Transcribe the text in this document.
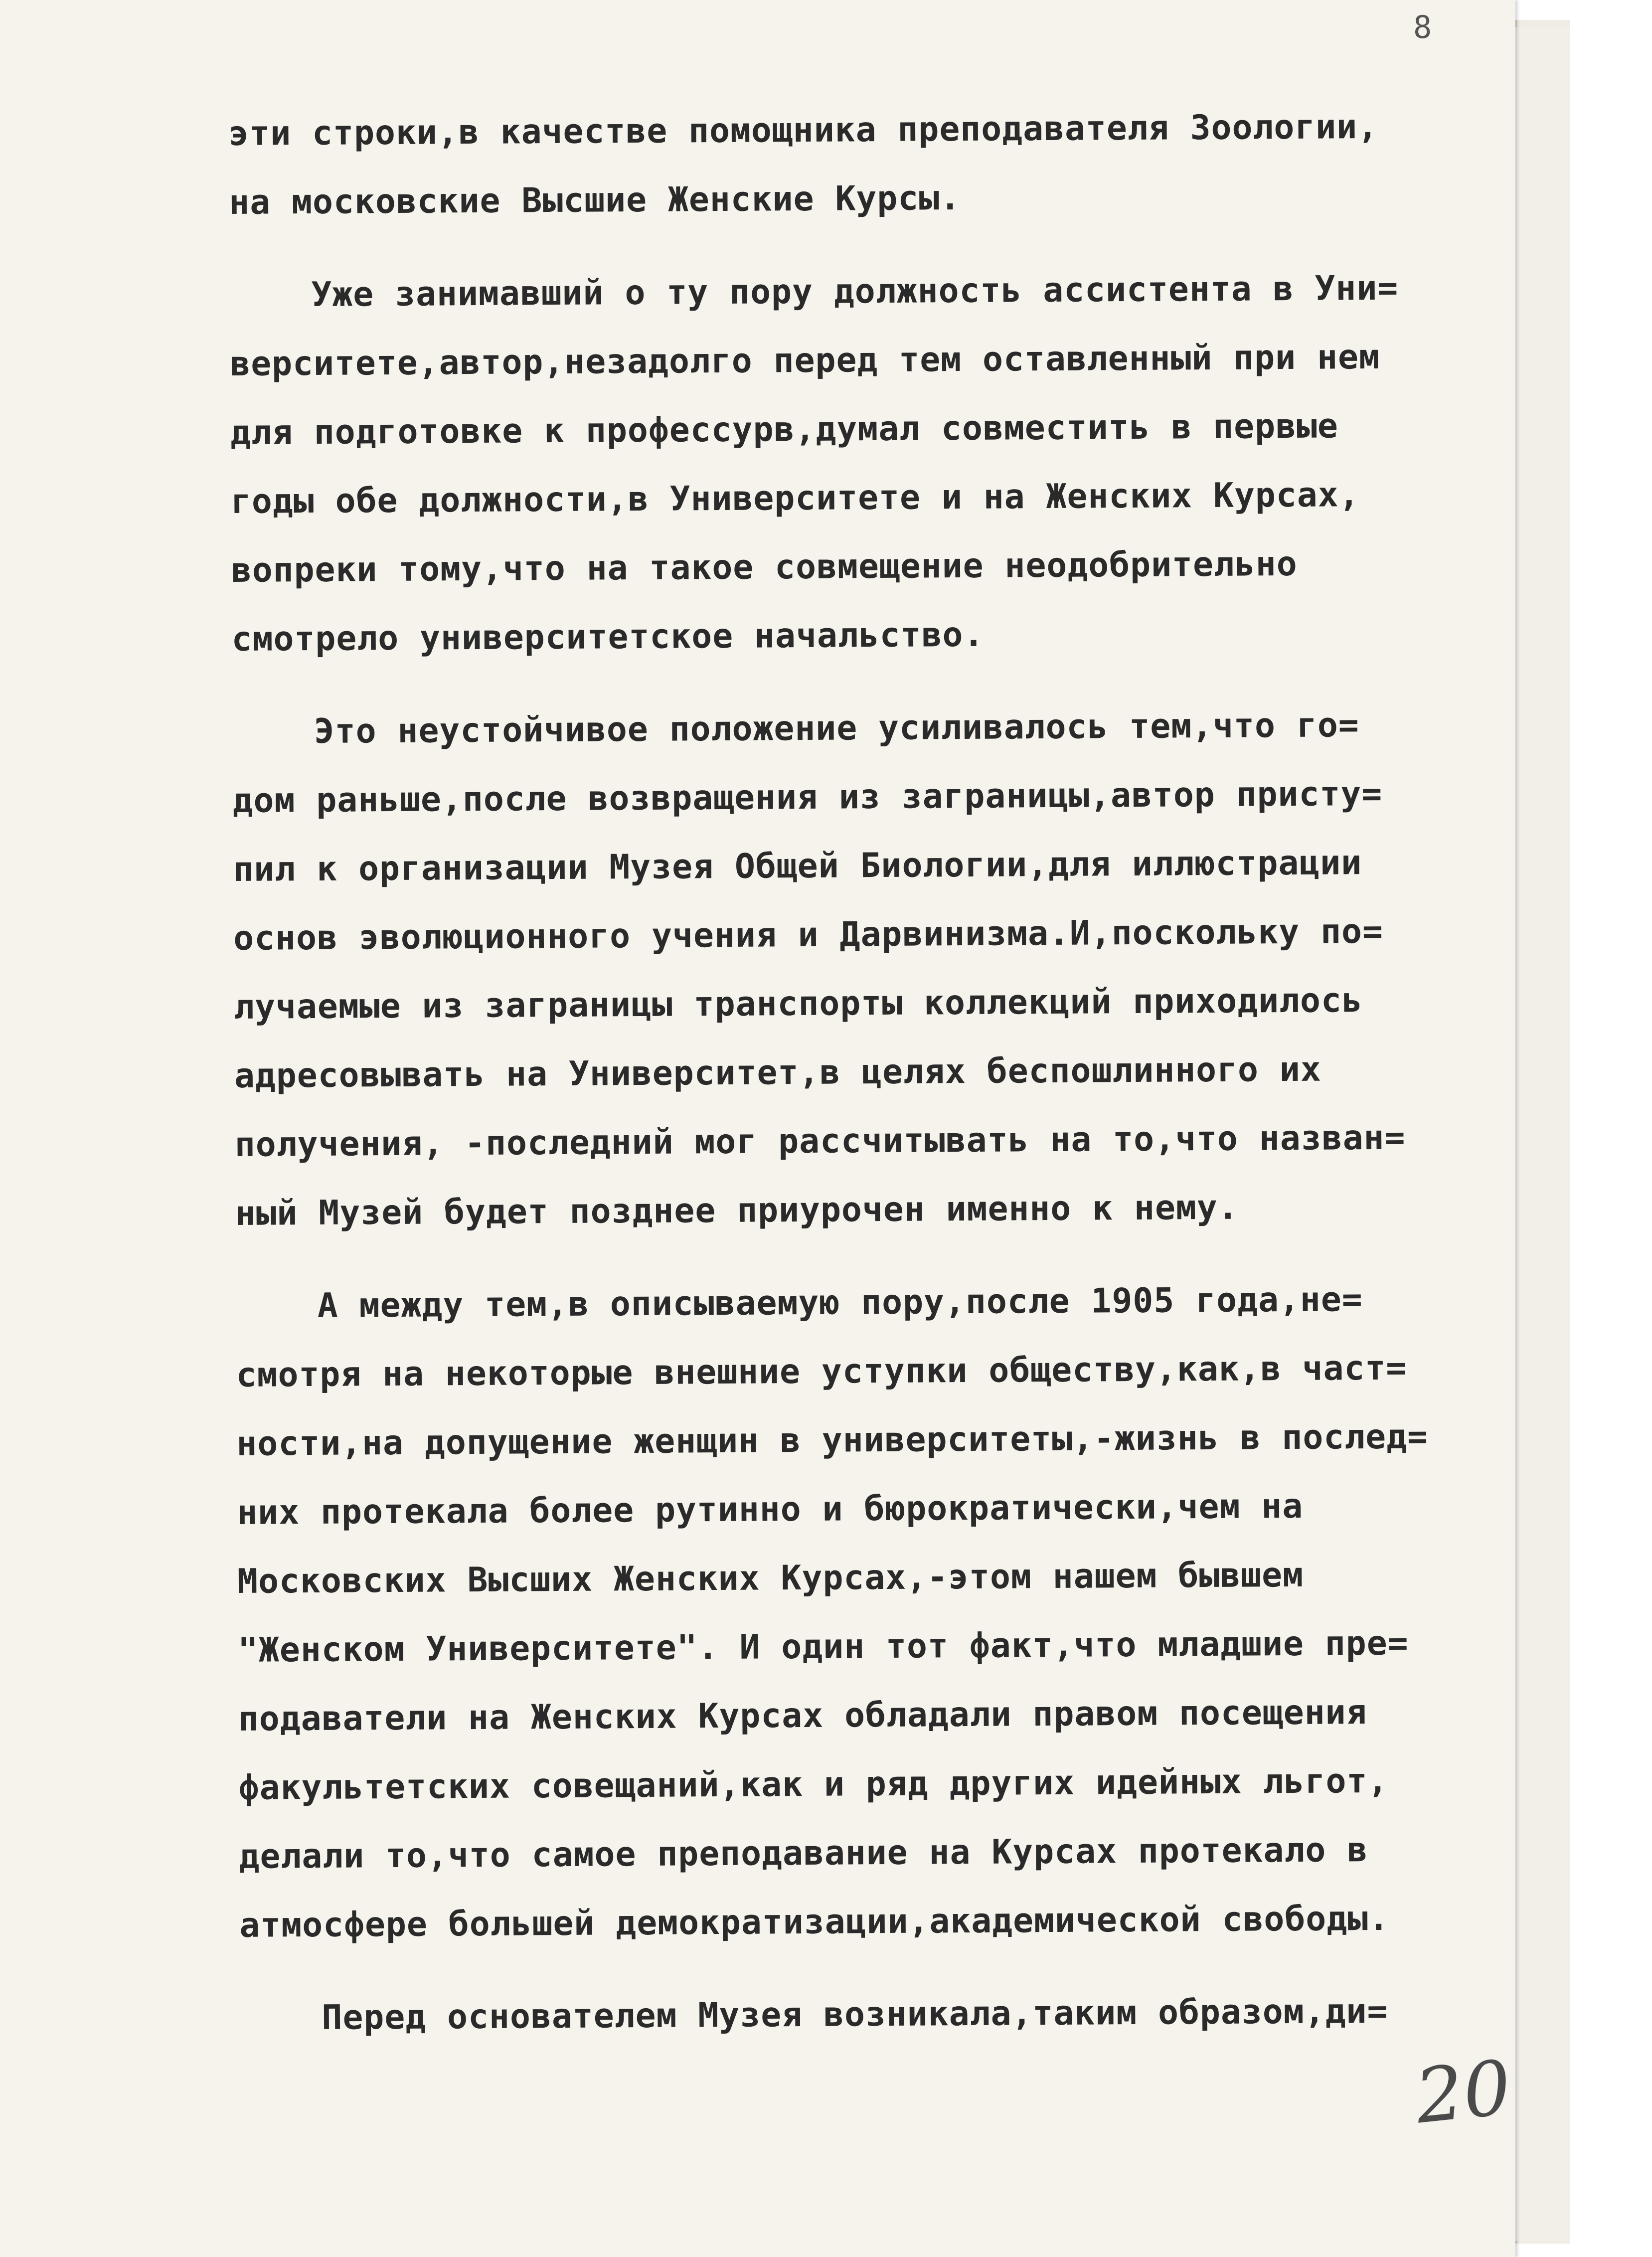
8
эти строки,в качестве помощника преподавателя Зоологии,
на московские Высшие Женские Курсы.
Уже занимавший о ту пору должность ассистента в Уни=
верситете,автор,незадолго перед тем оставленный при нем
для подготовке к профессурв,думал совместить в первые
годы обе должности,в Университете и на Женских Курсах,
вопреки тому,что на такое совмещение неодобрительно
смотрело университетское начальство.
Это неустойчивое положение усиливалось тем,что го=
дом раньше,после возвращения из заграницы,автор присту=
пил к организации Музея Общей Биологии,для иллюстрации
основ эволюционного учения и Дарвинизма.И,поскольку по=
лучаемые из заграницы транспорты коллекций приходилось
адресовывать на Университет,в целях беспошлинного их
получения, -последний мог рассчитывать на то,что назван=
ный Музей будет позднее приурочен именно к нему.
А между тем,в описываемую пору,после 1905 года,не=
смотря на некоторые внешние уступки обществу,как,в част=
ности,на допущение женщин в университеты,-жизнь в послед=
них протекала более рутинно и бюрократически,чем на
Московских Высших Женских Курсах,-этом нашем бывшем
"Женском Университете". И один тот факт,что младшие пре=
подаватели на Женских Курсах обладали правом посещения
факультетских совещаний,как и ряд других идейных льгот,
делали то,что самое преподавание на Курсах протекало в
атмосфере большей демократизации,академической свободы.
Перед основателем Музея возникала,таким образом,ди=
20
